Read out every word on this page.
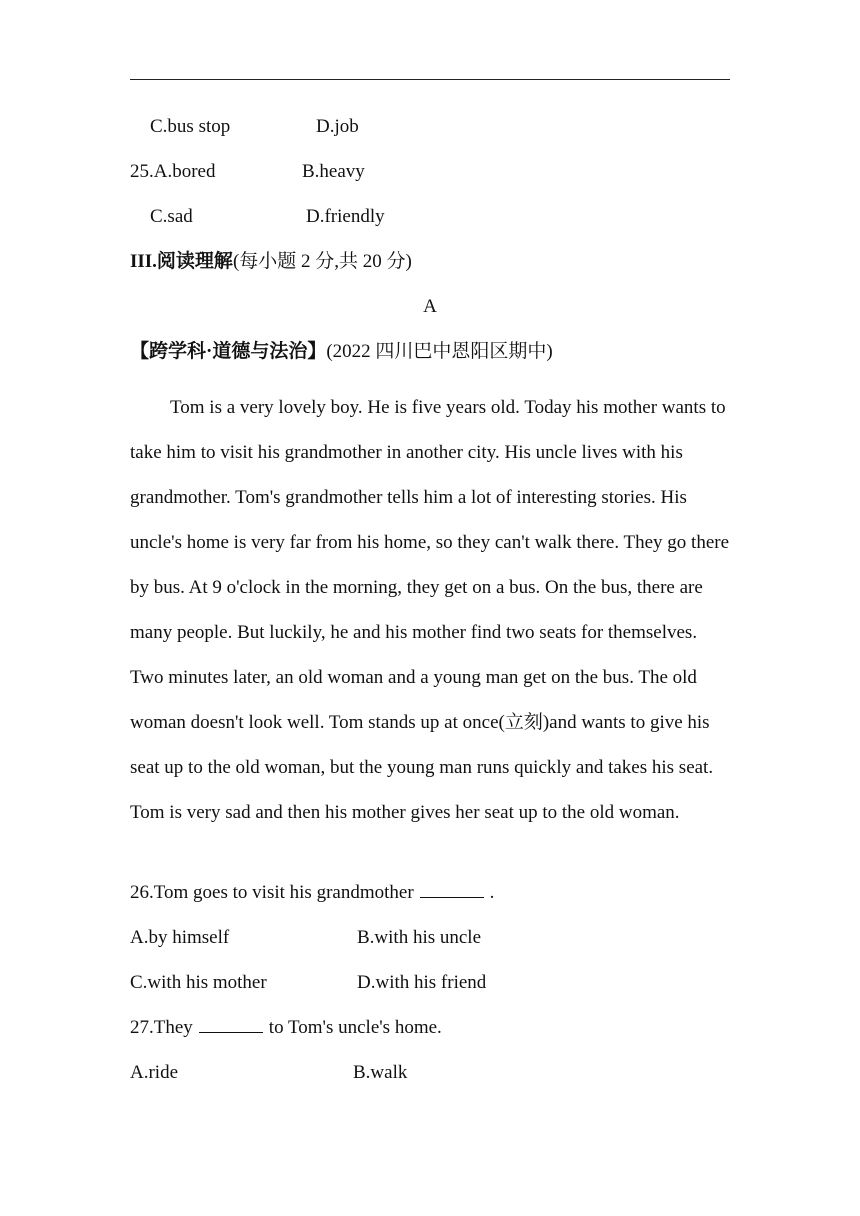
C.bus stop	D.job
25.A.bored	B.heavy
C.sad	D.friendly
III.阅读理解(每小题 2 分,共 20 分)
A
【跨学科·道德与法治】(2022 四川巴中恩阳区期中)
Tom is a very lovely boy. He is five years old. Today his mother wants to take him to visit his grandmother in another city. His uncle lives with his grandmother. Tom's grandmother tells him a lot of interesting stories. His uncle's home is very far from his home, so they can't walk there. They go there by bus. At 9 o'clock in the morning, they get on a bus. On the bus, there are many people. But luckily, he and his mother find two seats for themselves. Two minutes later, an old woman and a young man get on the bus. The old woman doesn't look well. Tom stands up at once(立刻)and wants to give his seat up to the old woman, but the young man runs quickly and takes his seat. Tom is very sad and then his mother gives her seat up to the old woman.
26.Tom goes to visit his grandmother	.
A.by himself	B.with his uncle
C.with his mother	D.with his friend
27.They	to Tom's uncle's home.
A.ride	B.walk
